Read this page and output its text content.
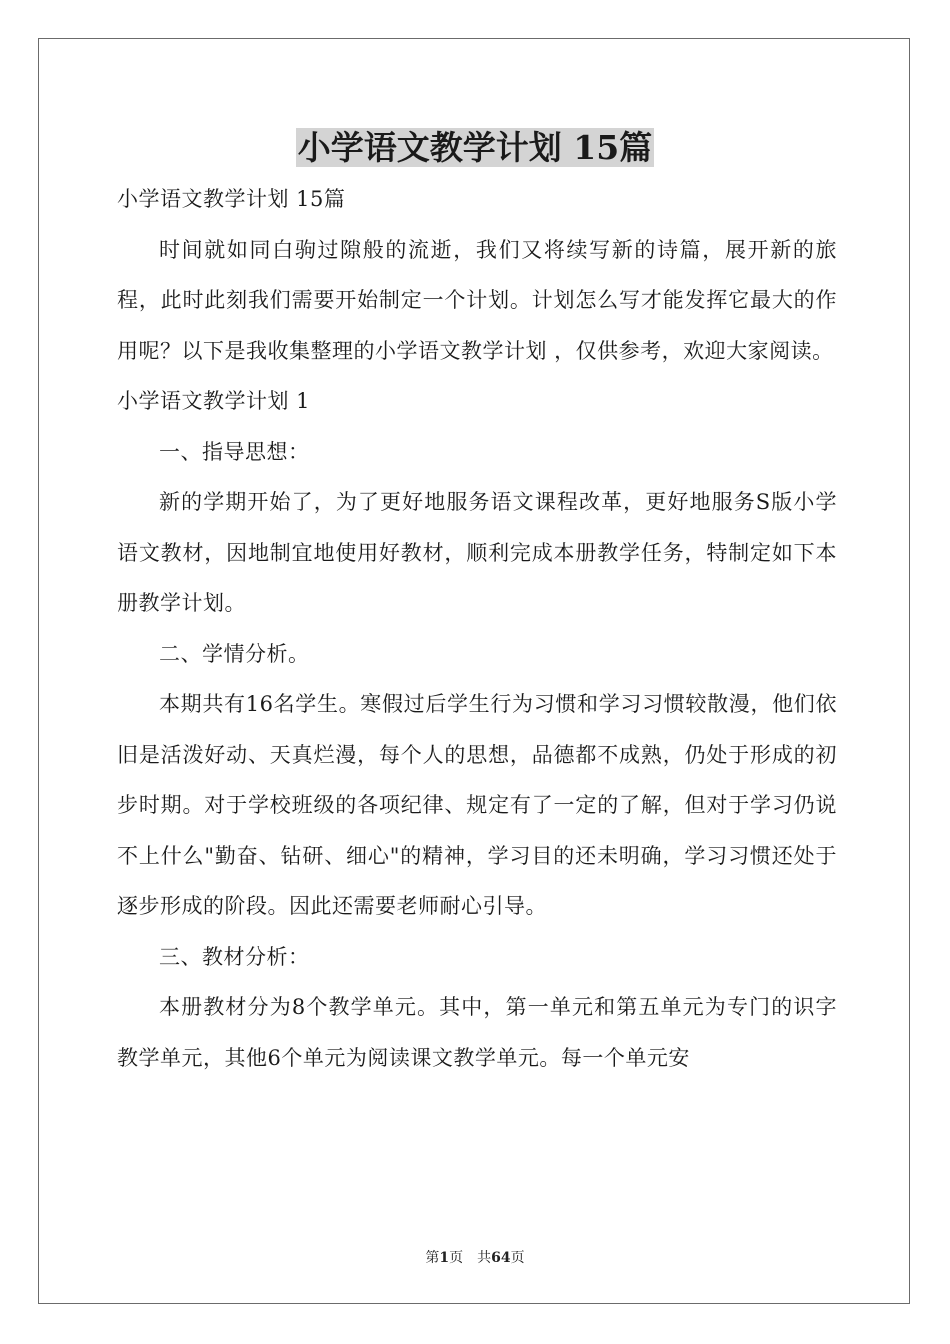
小学语文教学计划 15篇

小学语文教学计划 15篇

时间就如同白驹过隙般的流逝，我们又将续写新的诗篇，展开新的旅程，此时此刻我们需要开始制定一个计划。计划怎么写才能发挥它最大的作用呢？以下是我收集整理的小学语文教学计划 ，仅供参考，欢迎大家阅读。

小学语文教学计划 1

一、指导思想：

新的学期开始了，为了更好地服务语文课程改革，更好地服务S版小学语文教材，因地制宜地使用好教材，顺利完成本册教学任务，特制定如下本册教学计划。

二、学情分析。

本期共有16名学生。寒假过后学生行为习惯和学习习惯较散漫，他们依旧是活泼好动、天真烂漫，每个人的思想，品德都不成熟，仍处于形成的初步时期。对于学校班级的各项纪律、规定有了一定的了解，但对于学习仍说不上什么"勤奋、钻研、细心"的精神，学习目的还未明确，学习习惯还处于逐步形成的阶段。因此还需要老师耐心引导。

三、教材分析：

本册教材分为8个教学单元。其中，第一单元和第五单元为专门的识字教学单元，其他6个单元为阅读课文教学单元。每一个单元安

第1页 共64页
